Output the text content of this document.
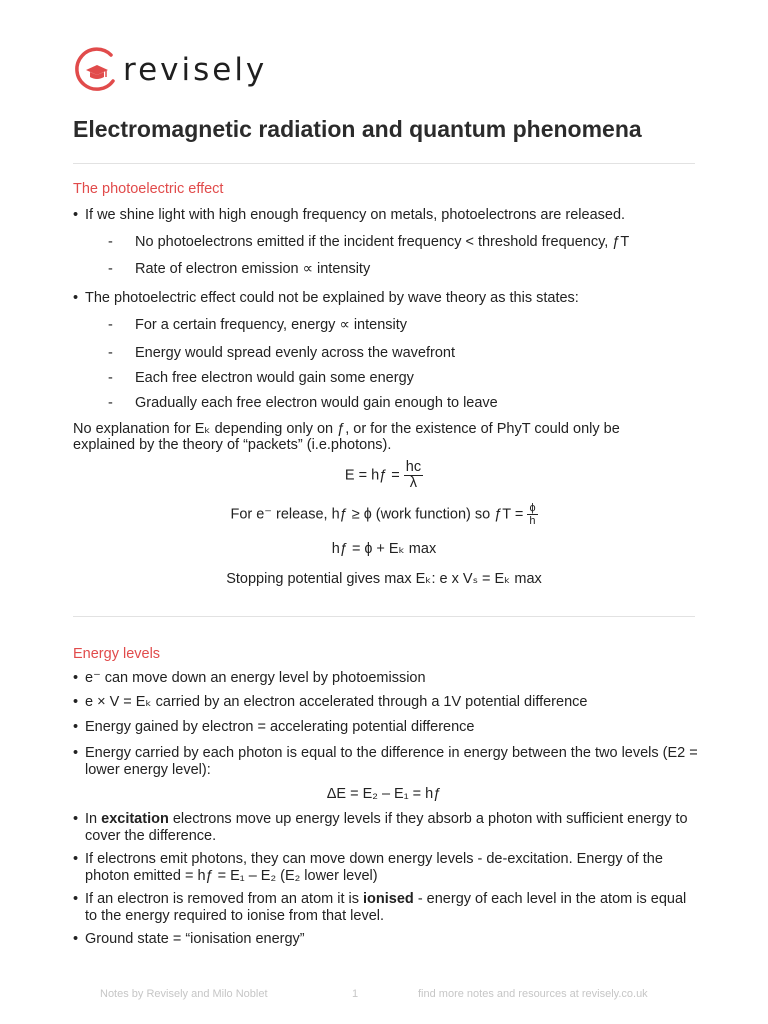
revisely
Electromagnetic radiation and quantum phenomena
The photoelectric effect
• If we shine light with high enough frequency on metals, photoelectrons are released.
- No photoelectrons emitted if the incident frequency < threshold frequency, ƒT
- Rate of electron emission ∝ intensity
• The photoelectric effect could not be explained by wave theory as this states:
- For a certain frequency, energy ∝ intensity
- Energy would spread evenly across the wavefront
- Each free electron would gain some energy
- Gradually each free electron would gain enough to leave
No explanation for Eₖ depending only on ƒ, or for the existence of PhyT could only be
explained by the theory of “packets” (i.e.photons).
E = hƒ = $\frac{hc}{\lambda}$
For e⁻ release, hƒ ≥ ɸ (work function) so ƒT = $\frac{\text{ɸ}}{h}$
hƒ = ɸ + Eₖ max
Stopping potential gives max Eₖ: e x Vₛ = Eₖ max
Energy levels
• e⁻ can move down an energy level by photoemission
• e × V = Eₖ carried by an electron accelerated through a 1V potential difference
• Energy gained by electron = accelerating potential difference
• Energy carried by each photon is equal to the difference in energy between the two levels (E2 = lower energy level):
ΔE = E₂ – E₁ = hƒ
• In excitation electrons move up energy levels if they absorb a photon with sufficient energy to cover the difference.
• If electrons emit photons, they can move down energy levels - de-excitation. Energy of the photon emitted = hƒ = E₁ – E₂ (E₂ lower level)
• If an electron is removed from an atom it is ionised - energy of each level in the atom is equal to the energy required to ionise from that level.
• Ground state = “ionisation energy”
Notes by Revisely and Milo Noblet	1	find more notes and resources at revisely.co.uk
